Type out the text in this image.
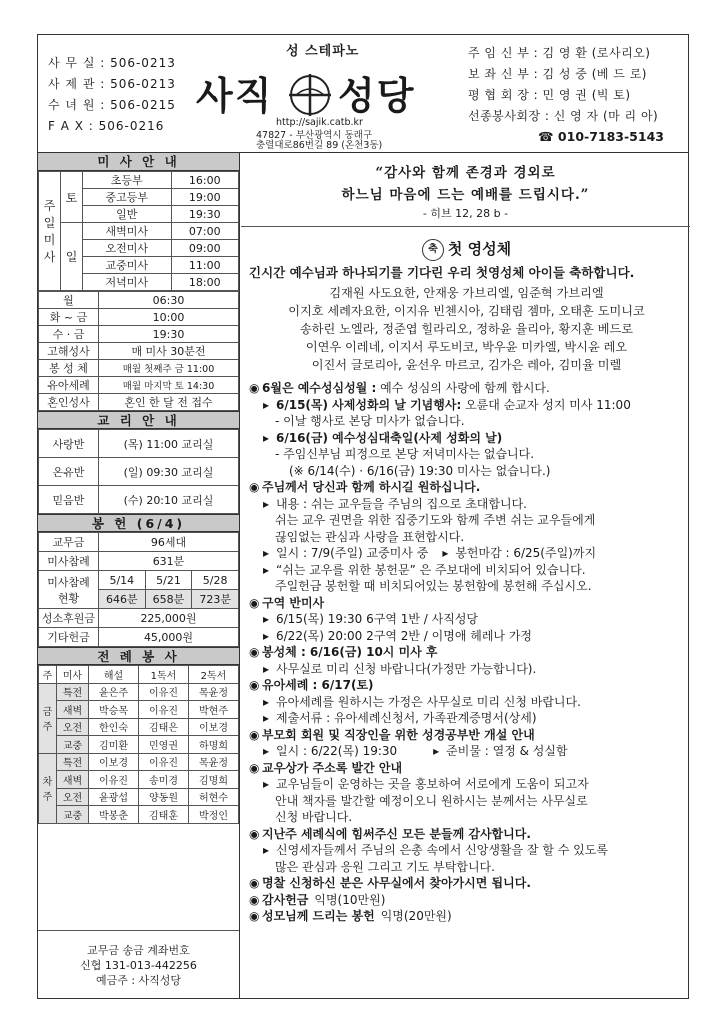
사 무 실 : 506-0213
사 제 관 : 506-0213
수 녀 원 : 506-0215
F A X : 506-0216
성 스테파노
사직 성당
http://sajik.catb.kr
47827 - 부산광역시 동래구
충렬대로86번길 89 (온천3동)
주 임 신 부 : 김 영 환 (로사리오)
보 좌 신 부 : 김 성 중 (베 드 로)
평 협 회 장 : 민 영 권 (빅 토)
선종봉사회장 : 신 영 자 (마 리 아)
☎ 010-7183-5143
미 사 안 내
주일미사	토	초등부	16:00
		중고등부	19:00
		일반	19:30
	일	새벽미사	07:00
		오전미사	09:00
		교중미사	11:00
		저녁미사	18:00
월	06:30
화 ~ 금	10:00
수 · 금	19:30
고해성사	매 미사 30분전
봉 성 체	매월 첫째주 금 11:00
유아세례	매월 마지막 토 14:30
혼인성사	혼인 한 달 전 접수
교 리 안 내
사랑반	(목) 11:00 교리실
온유반	(일) 09:30 교리실
믿음반	(수) 20:10 교리실
봉 헌 (6/4)
교무금	96세대		
미사참례	631분		

미사참례
현황	5/14	5/21	5/28
	646분	658분	723분
성소후원금	225,000원		
기타헌금	45,000원		
전 례 봉 사
주	미사	해설	1독서	2독서
금주	특전	윤은주	이유진	목윤정
	새벽	박승목	이유진	박현주
	오전	한인숙	김태은	이보경
	교중	김미환	민영권	하명희
차주	특전	이보경	이유진	목윤정
	새벽	이유진	송미경	김명희
	오전	윤광섭	양동원	허현수
	교중	박봉춘	김태훈	박정인
교무금 송금 계좌번호
신협 131-013-442256
예금주 : 사직성당
“감사와 함께 존경과 경외로
하느님 마음에 드는 예배를 드립시다.”
- 히브 12, 28 b -
축 첫 영성체
긴시간 예수님과 하나되기를 기다린 우리 첫영성체 아이들 축하합니다.
김재원 사도요한, 안재웅 가브리엘, 임준혁 가브리엘
이지호 세례자요한, 이지유 빈첸시아, 김태림 젬마, 오태훈 도미니코
송하린 노엘라, 정준엽 힐라리오, 정하윤 율리아, 황지훈 베드로
이연우 이레네, 이지서 루도비코, 박우윤 미카엘, 박시윤 레오
이진서 글로리아, 윤선우 마르코, 김가은 레아, 김미율 미렐
◉ 6월은 예수성심성월 : 예수 성심의 사랑에 함께 합시다.
▸ 6/15(목) 사제성화의 날 기념행사: 오륜대 순교자 성지 미사 11:00
- 이날 행사로 본당 미사가 없습니다.
▸ 6/16(금) 예수성심대축일(사제 성화의 날)
- 주임신부님 피정으로 본당 저녁미사는 없습니다.
(※ 6/14(수) · 6/16(금) 19:30 미사는 없습니다.)
◉ 주님께서 당신과 함께 하시길 원하십니다.
▸ 내용 : 쉬는 교우들을 주님의 집으로 초대합니다.
쉬는 교우 권면을 위한 집중기도와 함께 주변 쉬는 교우들에게
끊임없는 관심과 사랑을 표현합시다.
▸ 일시 : 7/9(주일) 교중미사 중 ▸ 봉헌마감 : 6/25(주일)까지
▸ “쉬는 교우를 위한 봉헌문” 은 주보대에 비치되어 있습니다.
주일헌금 봉헌할 때 비치되어있는 봉헌함에 봉헌해 주십시오.
◉ 구역 반미사
▸ 6/15(목) 19:30 6구역 1반 / 사직성당
▸ 6/22(목) 20:00 2구역 2반 / 이명애 헤레나 가정
◉ 봉성체 : 6/16(금) 10시 미사 후
▸ 사무실로 미리 신청 바랍니다(가정만 가능합니다).
◉ 유아세례 : 6/17(토)
▸ 유아세례를 원하시는 가정은 사무실로 미리 신청 바랍니다.
▸ 제출서류 : 유아세례신청서, 가족관계증명서(상세)
◉ 부모회 회원 및 직장인을 위한 성경공부반 개설 안내
▸ 일시 : 6/22(목) 19:30	▸ 준비물 : 열정 & 성실함
◉ 교우상가 주소록 발간 안내
▸ 교우님들이 운영하는 곳을 홍보하여 서로에게 도움이 되고자
안내 책자를 발간할 예정이오니 원하시는 분께서는 사무실로
신청 바랍니다.
◉ 지난주 세례식에 힘써주신 모든 분들께 감사합니다.
▸ 신영세자들께서 주님의 은총 속에서 신앙생활을 잘 할 수 있도록
많은 관심과 응원 그리고 기도 부탁합니다.
◉ 명찰 신청하신 분은 사무실에서 찾아가시면 됩니다.
◉ 감사헌금 익명(10만원)
◉ 성모님께 드리는 봉헌 익명(20만원)
